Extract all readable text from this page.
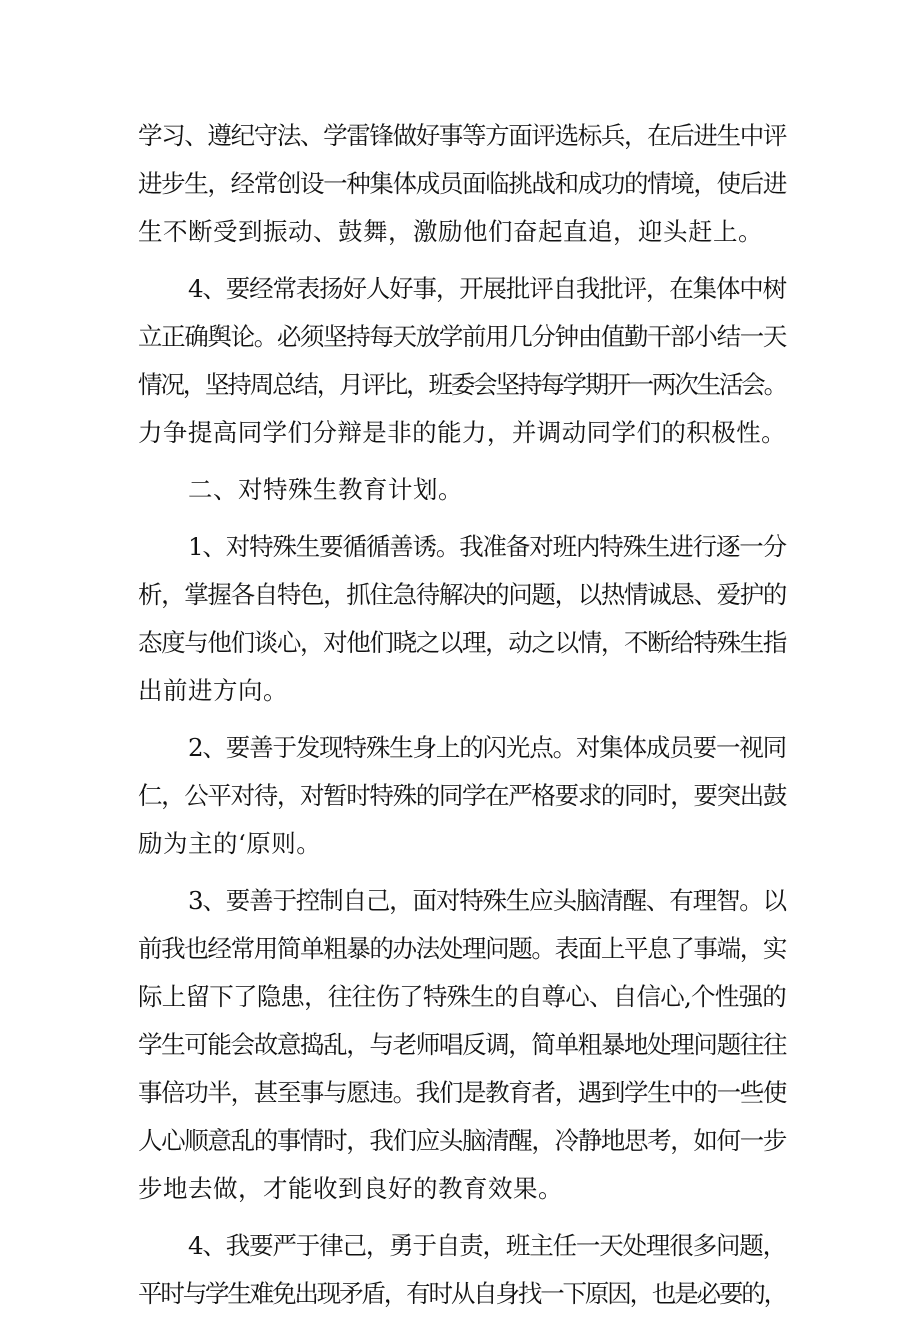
学习、遵纪守法、学雷锋做好事等方面评选标兵，在后进生中评
进步生，经常创设一种集体成员面临挑战和成功的情境，使后进
生不断受到振动、鼓舞，激励他们奋起直追，迎头赶上。
4、要经常表扬好人好事，开展批评自我批评，在集体中树
立正确舆论。必须坚持每天放学前用几分钟由值勤干部小结一天
情况，坚持周总结，月评比，班委会坚持每学期开一两次生活会。
力争提高同学们分辩是非的能力，并调动同学们的积极性。
二、对特殊生教育计划。
1、对特殊生要循循善诱。我准备对班内特殊生进行逐一分
析，掌握各自特色，抓住急待解决的问题，以热情诚恳、爱护的
态度与他们谈心，对他们晓之以理，动之以情，不断给特殊生指
出前进方向。
2、要善于发现特殊生身上的闪光点。对集体成员要一视同
仁，公平对待，对暂时特殊的同学在严格要求的同时，要突出鼓
励为主的‘原则。
3、要善于控制自己，面对特殊生应头脑清醒、有理智。以
前我也经常用简单粗暴的办法处理问题。表面上平息了事端，实
际上留下了隐患，往往伤了特殊生的自尊心、自信心,个性强的
学生可能会故意捣乱，与老师唱反调，简单粗暴地处理问题往往
事倍功半，甚至事与愿违。我们是教育者，遇到学生中的一些使
人心顺意乱的事情时，我们应头脑清醒，冷静地思考，如何一步
步地去做，才能收到良好的教育效果。
4、我要严于律己，勇于自责，班主任一天处理很多问题，
平时与学生难免出现矛盾，有时从自身找一下原因，也是必要的，
